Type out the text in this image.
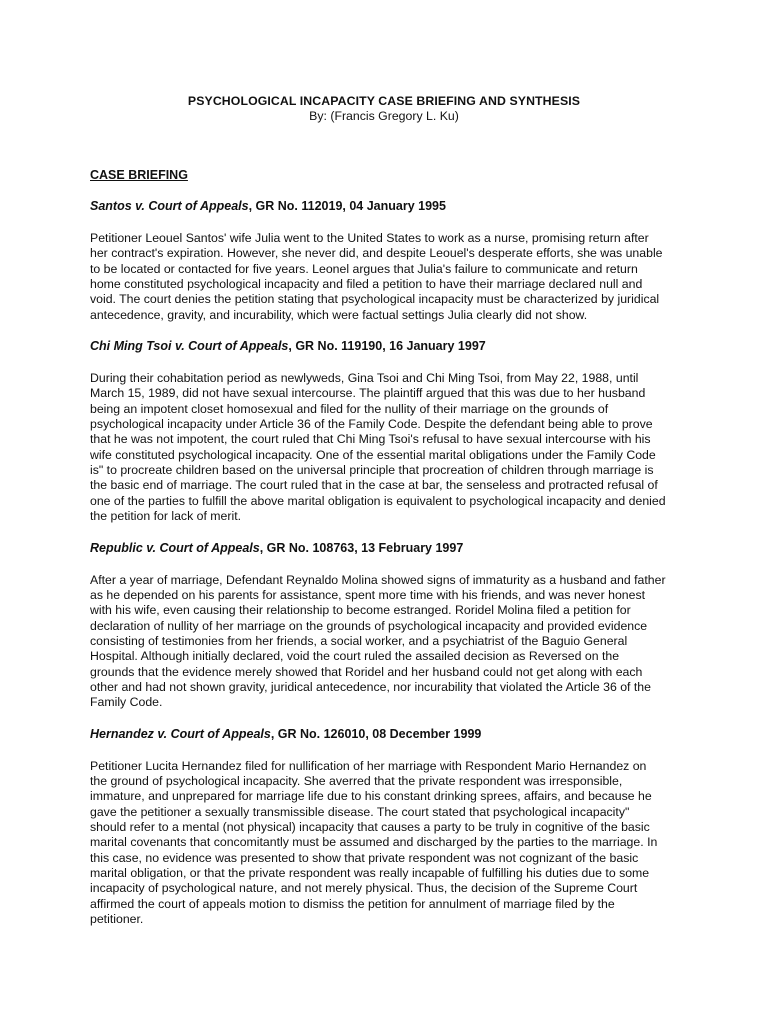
PSYCHOLOGICAL INCAPACITY CASE BRIEFING AND SYNTHESIS
By: (Francis Gregory L. Ku)
CASE BRIEFING
Santos v. Court of Appeals, GR No. 112019, 04 January 1995
Petitioner Leouel Santos' wife Julia went to the United States to work as a nurse, promising return after
her contract's expiration. However, she never did, and despite Leouel's desperate efforts, she was unable
to be located or contacted for five years. Leonel argues that Julia's failure to communicate and return
home constituted psychological incapacity and filed a petition to have their marriage declared null and
void. The court denies the petition stating that psychological incapacity must be characterized by juridical
antecedence, gravity, and incurability, which were factual settings Julia clearly did not show.
Chi Ming Tsoi v. Court of Appeals, GR No. 119190, 16 January 1997
During their cohabitation period as newlyweds, Gina Tsoi and Chi Ming Tsoi, from May 22, 1988, until
March 15, 1989, did not have sexual intercourse. The plaintiff argued that this was due to her husband
being an impotent closet homosexual and filed for the nullity of their marriage on the grounds of
psychological incapacity under Article 36 of the Family Code. Despite the defendant being able to prove
that he was not impotent, the court ruled that Chi Ming Tsoi's refusal to have sexual intercourse with his
wife constituted psychological incapacity. One of the essential marital obligations under the Family Code
is" to procreate children based on the universal principle that procreation of children through marriage is
the basic end of marriage. The court ruled that in the case at bar, the senseless and protracted refusal of
one of the parties to fulfill the above marital obligation is equivalent to psychological incapacity and denied
the petition for lack of merit.
Republic v. Court of Appeals, GR No. 108763, 13 February 1997
After a year of marriage, Defendant Reynaldo Molina showed signs of immaturity as a husband and father
as he depended on his parents for assistance, spent more time with his friends, and was never honest
with his wife, even causing their relationship to become estranged. Roridel Molina filed a petition for
declaration of nullity of her marriage on the grounds of psychological incapacity and provided evidence
consisting of testimonies from her friends, a social worker, and a psychiatrist of the Baguio General
Hospital. Although initially declared, void the court ruled the assailed decision as Reversed on the
grounds that the evidence merely showed that Roridel and her husband could not get along with each
other and had not shown gravity, juridical antecedence, nor incurability that violated the Article 36 of the
Family Code.
Hernandez v. Court of Appeals, GR No. 126010, 08 December 1999
Petitioner Lucita Hernandez filed for nullification of her marriage with Respondent Mario Hernandez on
the ground of psychological incapacity. She averred that the private respondent was irresponsible,
immature, and unprepared for marriage life due to his constant drinking sprees, affairs, and because he
gave the petitioner a sexually transmissible disease. The court stated that psychological incapacity"
should refer to a mental (not physical) incapacity that causes a party to be truly in cognitive of the basic
marital covenants that concomitantly must be assumed and discharged by the parties to the marriage. In
this case, no evidence was presented to show that private respondent was not cognizant of the basic
marital obligation, or that the private respondent was really incapable of fulfilling his duties due to some
incapacity of psychological nature, and not merely physical. Thus, the decision of the Supreme Court
affirmed the court of appeals motion to dismiss the petition for annulment of marriage filed by the
petitioner.
